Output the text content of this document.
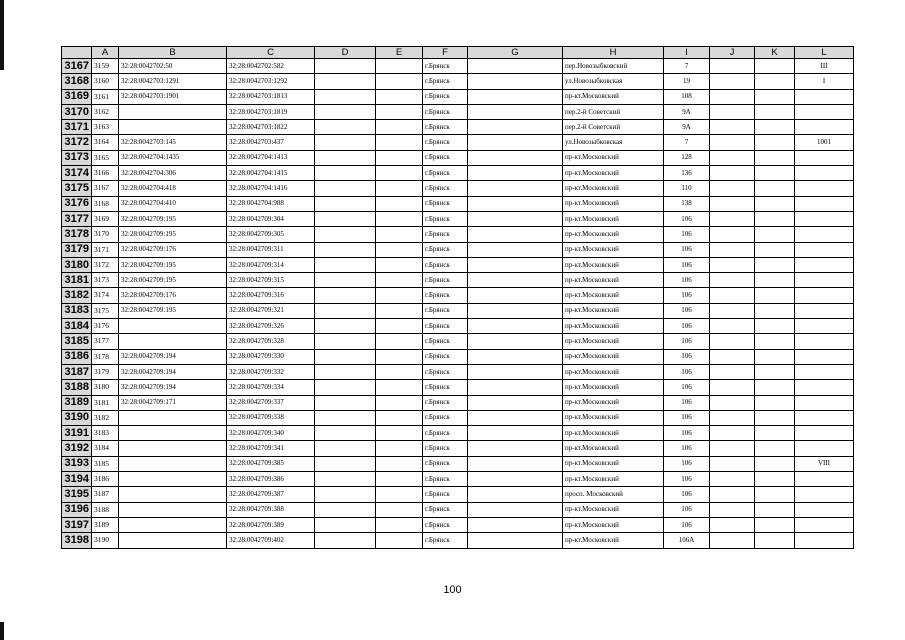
	A	B	C	D	E	F	G	H	I	J	K	L
3167	3159	32:28:0042702:50	32:28:0042702:582			г.Брянск		пер.Новозыбковский	7			III
3168	3160	32:28:0042703:1291	32:28:0042703:1292			г.Брянск		ул.Новозыбковская	19			I
3169	3161	32:28:0042703:1901	32:28:0042703:1813			г.Брянск		пр-кт.Московский	108			
3170	3162		32:28:0042703:1819			г.Брянск		пер.2-й Советский	9А			
3171	3163		32:28:0042703:1822			г.Брянск		пер.2-й Советский	9А			
3172	3164	32:28:0042703:145	32:28:0042703:437			г.Брянск		ул.Новозыбковская	7			1001
3173	3165	32:28:0042704:1435	32:28:0042704:1413			г.Брянск		пр-кт.Московский	128			
3174	3166	32:28:0042704:306	32:28:0042704:1415			г.Брянск		пр-кт.Московский	136			
3175	3167	32:28:0042704:418	32:28:0042704:1416			г.Брянск		пр-кт.Московский	110			
3176	3168	32:28:0042704:410	32:28:0042704:988			г.Брянск		пр-кт.Московский	138			
3177	3169	32:28:0042709:195	32:28:0042709:304			г.Брянск		пр-кт.Московский	106			
3178	3170	32:28:0042709:195	32:28:0042709:305			г.Брянск		пр-кт.Московский	106			
3179	3171	32:28:0042709:176	32:28:0042709:311			г.Брянск		пр-кт.Московский	106			
3180	3172	32:28:0042709:195	32:28:0042709:314			г.Брянск		пр-кт.Московский	106			
3181	3173	32:28:0042709:195	32:28:0042709:315			г.Брянск		пр-кт.Московский	106			
3182	3174	32:28:0042709:176	32:28:0042709:316			г.Брянск		пр-кт.Московский	106			
3183	3175	32:28:0042709:195	32:28:0042709:321			г.Брянск		пр-кт.Московский	106			
3184	3176		32:28:0042709:326			г.Брянск		пр-кт.Московский	106			
3185	3177		32:28:0042709:328			г.Брянск		пр-кт.Московский	106			
3186	3178	32:28:0042709:194	32:28:0042709:330			г.Брянск		пр-кт.Московский	106			
3187	3179	32:28:0042709:194	32:28:0042709:332			г.Брянск		пр-кт.Московский	106			
3188	3180	32:28:0042709:194	32:28:0042709:334			г.Брянск		пр-кт.Московский	106			
3189	3181	32:28:0042709:171	32:28:0042709:337			г.Брянск		пр-кт.Московский	106			
3190	3182		32:28:0042709:338			г.Брянск		пр-кт.Московский	106			
3191	3183		32:28:0042709:340			г.Брянск		пр-кт.Московский	106			
3192	3184		32:28:0042709:341			г.Брянск		пр-кт.Московский	106			
3193	3185		32:28:0042709:385			г.Брянск		пр-кт.Московский	106			VIII
3194	3186		32:28:0042709:386			г.Брянск		пр-кт.Московский	106			
3195	3187		32:28:0042709:387			г.Брянск		просп. Московский	106			
3196	3188		32:28:0042709:388			г.Брянск		пр-кт.Московский	106			
3197	3189		32:28:0042709:389			г.Брянск		пр-кт.Московский	106			
3198	3190		32:28:0042709:402			г.Брянск		пр-кт.Московский	106А			
100
